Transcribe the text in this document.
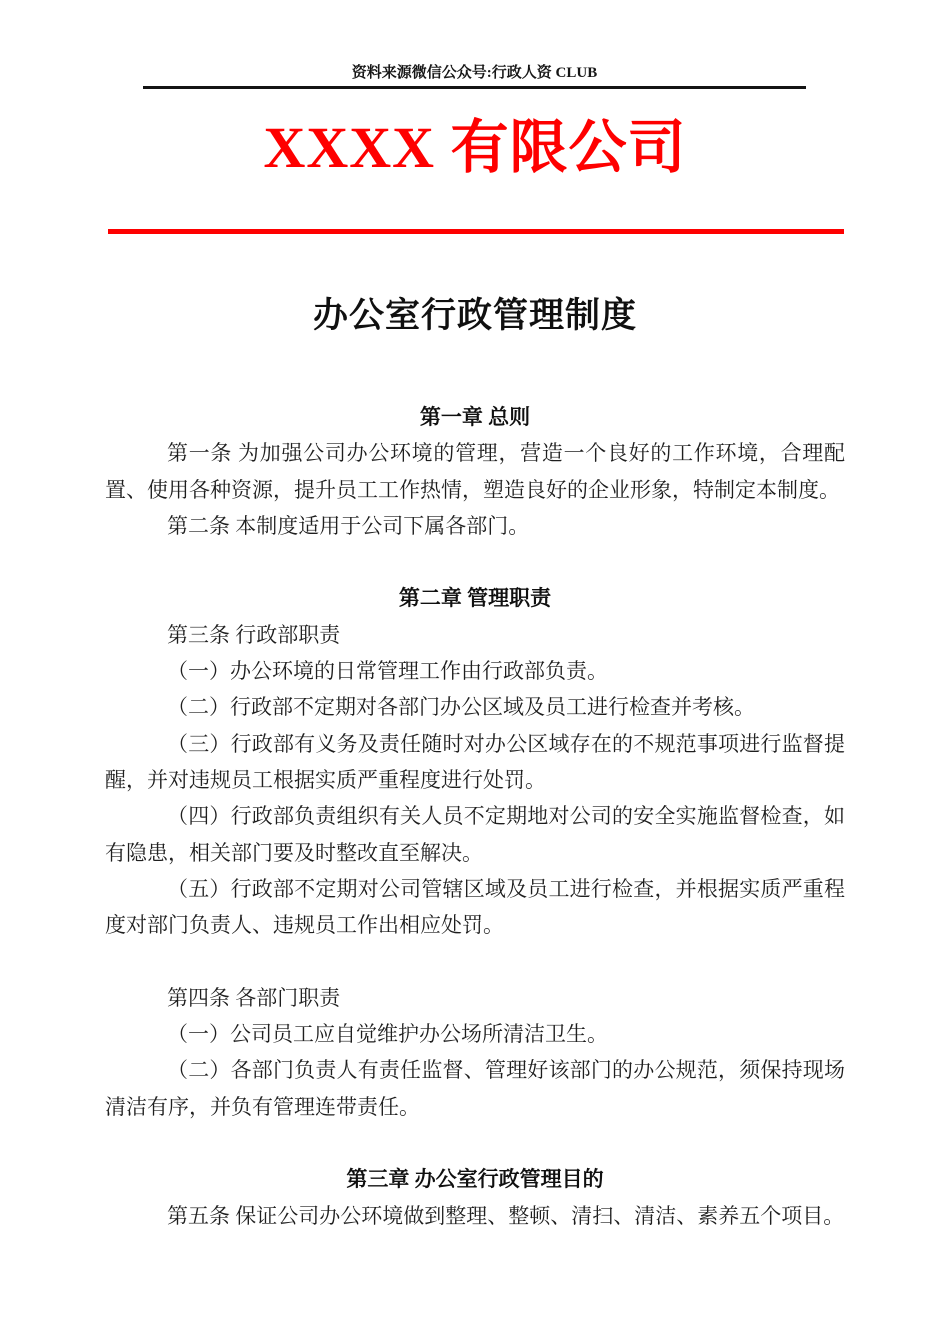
资料来源微信公众号:行政人资 CLUB
XXXX 有限公司
办公室行政管理制度
第一章 总则

第一条 为加强公司办公环境的管理，营造一个良好的工作环境，合理配置、使用各种资源，提升员工工作热情，塑造良好的企业形象，特制定本制度。

第二条 本制度适用于公司下属各部门。

第二章 管理职责

第三条 行政部职责

（一）办公环境的日常管理工作由行政部负责。

（二）行政部不定期对各部门办公区域及员工进行检查并考核。

（三）行政部有义务及责任随时对办公区域存在的不规范事项进行监督提醒，并对违规员工根据实质严重程度进行处罚。

（四）行政部负责组织有关人员不定期地对公司的安全实施监督检查，如有隐患，相关部门要及时整改直至解决。

（五）行政部不定期对公司管辖区域及员工进行检查，并根据实质严重程度对部门负责人、违规员工作出相应处罚。

第四条 各部门职责

（一）公司员工应自觉维护办公场所清洁卫生。

（二）各部门负责人有责任监督、管理好该部门的办公规范，须保持现场清洁有序，并负有管理连带责任。

第三章 办公室行政管理目的

第五条 保证公司办公环境做到整理、整顿、清扫、清洁、素养五个项目。
